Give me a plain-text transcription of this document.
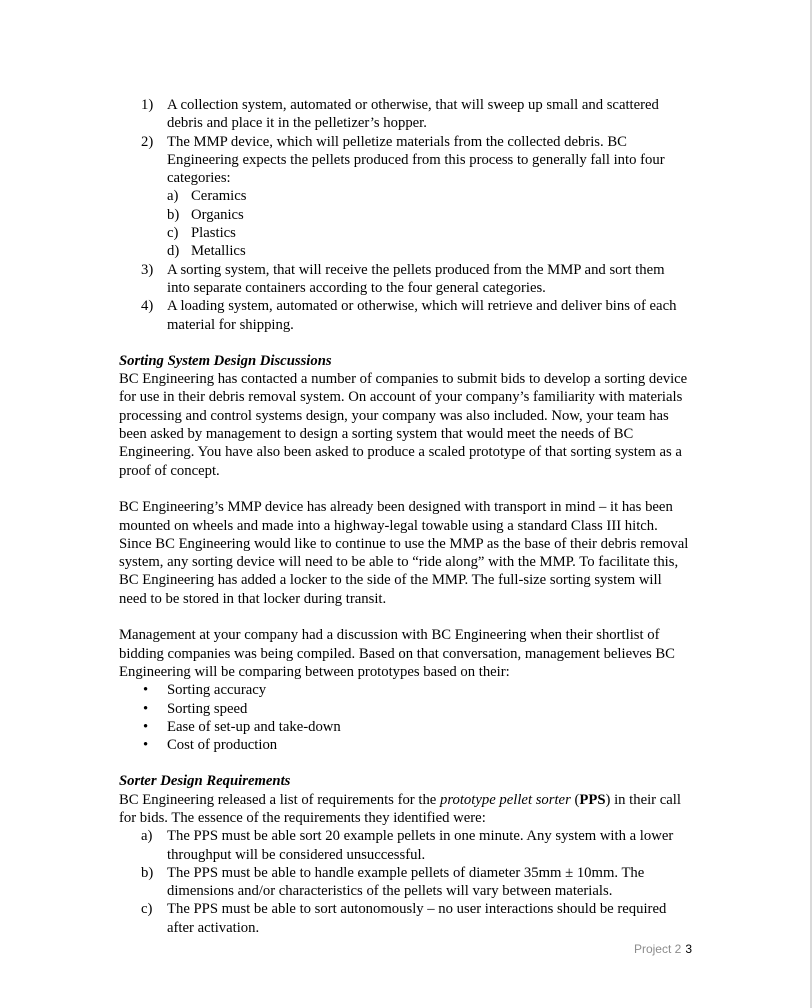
1) A collection system, automated or otherwise, that will sweep up small and scattered debris and place it in the pelletizer’s hopper.
2) The MMP device, which will pelletize materials from the collected debris. BC Engineering expects the pellets produced from this process to generally fall into four categories:
a) Ceramics
b) Organics
c) Plastics
d) Metallics
3) A sorting system, that will receive the pellets produced from the MMP and sort them into separate containers according to the four general categories.
4) A loading system, automated or otherwise, which will retrieve and deliver bins of each material for shipping.
Sorting System Design Discussions

BC Engineering has contacted a number of companies to submit bids to develop a sorting device for use in their debris removal system. On account of your company’s familiarity with materials processing and control systems design, your company was also included. Now, your team has been asked by management to design a sorting system that would meet the needs of BC Engineering. You have also been asked to produce a scaled prototype of that sorting system as a proof of concept.

BC Engineering’s MMP device has already been designed with transport in mind – it has been mounted on wheels and made into a highway-legal towable using a standard Class III hitch. Since BC Engineering would like to continue to use the MMP as the base of their debris removal system, any sorting device will need to be able to “ride along” with the MMP. To facilitate this, BC Engineering has added a locker to the side of the MMP. The full-size sorting system will need to be stored in that locker during transit.

Management at your company had a discussion with BC Engineering when their shortlist of bidding companies was being compiled. Based on that conversation, management believes BC Engineering will be comparing between prototypes based on their:

• Sorting accuracy
• Sorting speed
• Ease of set-up and take-down
• Cost of production
Sorter Design Requirements

BC Engineering released a list of requirements for the prototype pellet sorter (PPS) in their call for bids. The essence of the requirements they identified were:

a) The PPS must be able sort 20 example pellets in one minute. Any system with a lower throughput will be considered unsuccessful.
b) The PPS must be able to handle example pellets of diameter 35mm ± 10mm. The dimensions and/or characteristics of the pellets will vary between materials.
c) The PPS must be able to sort autonomously – no user interactions should be required after activation.
Project 2 3
